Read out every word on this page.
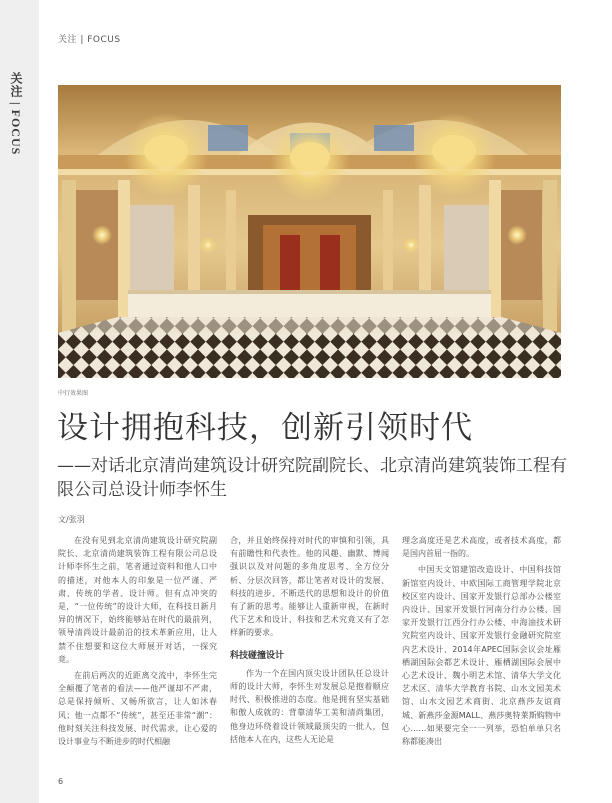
关注 | FOCUS
关注 | FOCUS
中行效果图
设计拥抱科技，创新引领时代
——对话北京清尚建筑设计研究院副院长、北京清尚建筑装饰工程有限公司总设计师李怀生
文/张羽

在没有见到北京清尚建筑设计研究院副院长、北京清尚建筑装饰工程有限公司总设计师李怀生之前，笔者通过资料和他人口中的描述，对他本人的印象是一位严谨、严肃、传统的学者、设计师。但有点冲突的是，“一位传统”的设计大师，在科技日新月异的情况下，始终能够站在时代的最前列，领导清尚设计最前沿的技术革新应用，让人禁不住想要和这位大师展开对话，一探究竟。

在前后两次的近距离交流中，李怀生完全颠覆了笔者的看法——他严谨却不严肃，总是保持倾听、又畅所欲言，让人如沐春风；他一点都不“传统”，甚至还非常“潮”：他时刻关注科技发展、时代需求，让心爱的设计事业与不断进步的时代相融

合，并且始终保持对时代的审慎和引领，具有前瞻性和代表性。他的风趣、幽默、博闻强识以及对问题的多角度思考、全方位分析、分层次回答，都让笔者对设计的发展、科技的进步、不断迭代的思想和设计的价值有了新的思考。能够让人重新审视，在新时代下艺术和设计、科技和艺术究竟又有了怎样新的要求。

科技碰撞设计

作为一个在国内顶尖设计团队任总设计师的设计大师，李怀生对发展总是抱着顺应时代、积极推进的态度。他是拥有坚实基础和傲人成就的：背靠清华工美和清尚集团，他身边环绕着设计领域最顶尖的一批人，包括他本人在内，这些人无论是

理念高度还是艺术高度，或者技术高度，都是国内首屈一指的。

中国天文馆建馆改造设计、中国科技馆新馆室内设计、中欧国际工商管理学院北京校区室内设计、国家开发银行总部办公楼室内设计、国家开发银行河南分行办公楼、国家开发银行江西分行办公楼、中海油技术研究院室内设计、国家开发银行金融研究院室内艺术设计、2014年APEC国际会议会址雁栖湖国际会都艺术设计、雁栖湖国际会展中心艺术设计、魏小明艺术馆、清华大学文化艺术区、清华大学教育书院、山水文园美术馆、山水文园艺术商街、北京燕莎友谊商城、新燕莎金源MALL、燕莎奥特莱斯购物中心……如果要完全一一列举，恐怕单单只名称都能凑出

6
